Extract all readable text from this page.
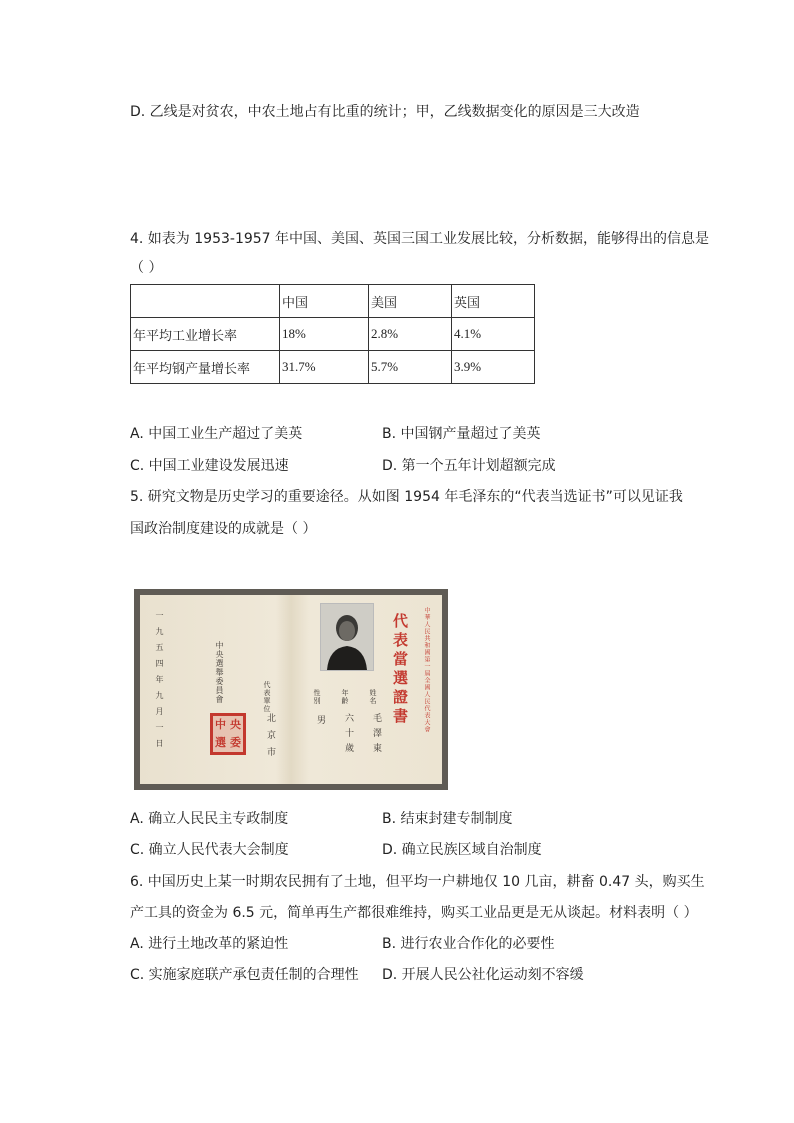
D. 乙线是对贫农，中农土地占有比重的统计；甲，乙线数据变化的原因是三大改造
4. 如表为 1953-1957 年中国、美国、英国三国工业发展比较，分析数据，能够得出的信息是
（ ）
	中国	美国	英国
年平均工业增长率	18%	2.8%	4.1%
年平均钢产量增长率	31.7%	5.7%	3.9%
A. 中国工业生产超过了美英	B. 中国钢产量超过了美英
C. 中国工业建设发展迅速	D. 第一个五年计划超额完成
5. 研究文物是历史学习的重要途径。从如图 1954 年毛泽东的“代表当选证书”可以见证我
国政治制度建设的成就是（ ）
一九五四年九月一日	中央選舉委員會
中 央
選 委
代表單位
北京市
性別
男
年齡
六十歲
姓名
毛澤東
代表當選證書	中華人民共和國第一屆全國人民代表大會
A. 确立人民民主专政制度	B. 结束封建专制制度
C. 确立人民代表大会制度	D. 确立民族区域自治制度
6. 中国历史上某一时期农民拥有了土地，但平均一户耕地仅 10 几亩，耕畜 0.47 头，购买生
产工具的资金为 6.5 元，简单再生产都很难维持，购买工业品更是无从谈起。材料表明（ ）
A. 进行土地改革的紧迫性	B. 进行农业合作化的必要性
C. 实施家庭联产承包责任制的合理性 D. 开展人民公社化运动刻不容缓
